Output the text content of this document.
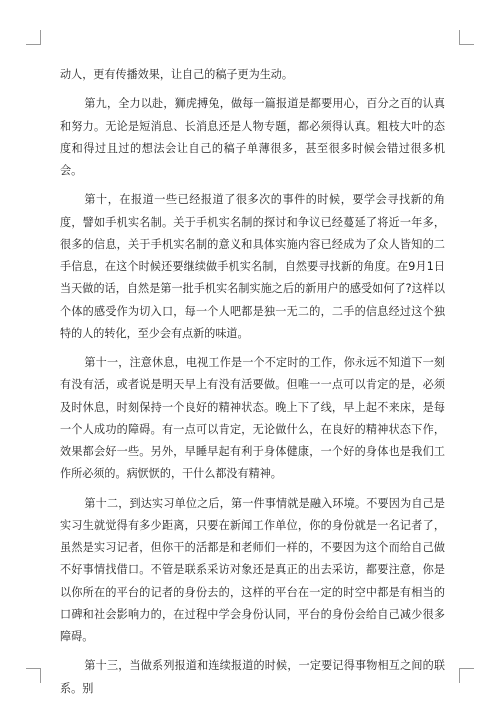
动人，更有传播效果，让自己的稿子更为生动。

第九，全力以赴，狮虎搏兔，做每一篇报道是都要用心，百分之百的认真和努力。无论是短消息、长消息还是人物专题，都必须得认真。粗枝大叶的态度和得过且过的想法会让自己的稿子单薄很多，甚至很多时候会错过很多机会。

第十，在报道一些已经报道了很多次的事件的时候，要学会寻找新的角度，譬如手机实名制。关于手机实名制的探讨和争议已经蔓延了将近一年多，很多的信息，关于手机实名制的意义和具体实施内容已经成为了众人皆知的二手信息，在这个时候还要继续做手机实名制，自然要寻找新的角度。在9月1日当天做的话，自然是第一批手机实名制实施之后的新用户的感受如何了?这样以个体的感受作为切入口，每一个人吧都是独一无二的，二手的信息经过这个独特的人的转化，至少会有点新的味道。

第十一，注意休息，电视工作是一个不定时的工作，你永远不知道下一刻有没有活，或者说是明天早上有没有活要做。但唯一一点可以肯定的是，必须及时休息，时刻保持一个良好的精神状态。晚上下了线，早上起不来床，是每一个人成功的障碍。有一点可以肯定，无论做什么，在良好的精神状态下作，效果都会好一些。另外，早睡早起有利于身体健康，一个好的身体也是我们工作所必须的。病恹恹的，干什么都没有精神。

第十二，到达实习单位之后，第一件事情就是融入环境。不要因为自己是实习生就觉得有多少距离，只要在新闻工作单位，你的身份就是一名记者了，虽然是实习记者，但你干的活都是和老师们一样的，不要因为这个而给自己做不好事情找借口。不管是联系采访对象还是真正的出去采访，都要注意，你是以你所在的平台的记者的身份去的，这样的平台在一定的时空中都是有相当的口碑和社会影响力的，在过程中学会身份认同，平台的身份会给自己减少很多障碍。

第十三，当做系列报道和连续报道的时候，一定要记得事物相互之间的联系。别
